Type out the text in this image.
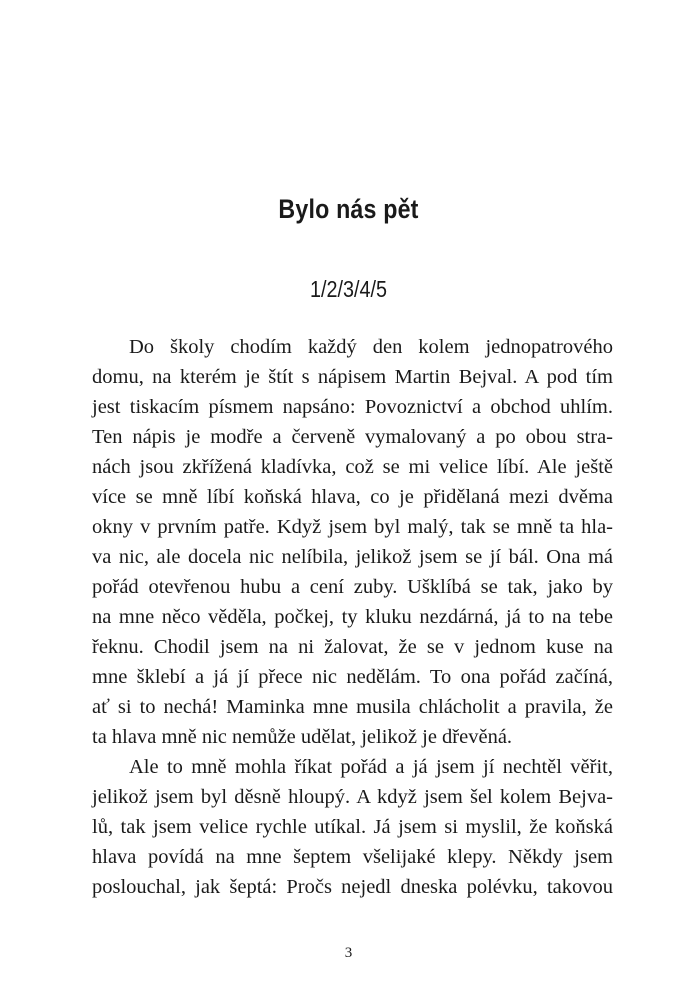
Bylo nás pět
1/2/3/4/5
Do školy chodím každý den kolem jednopatrového
domu, na kterém je štít s nápisem Martin Bejval. A pod tím
jest tiskacím písmem napsáno: Povoznictví a obchod uhlím.
Ten nápis je modře a červeně vymalovaný a po obou stra-
nách jsou zkřížená kladívka, což se mi velice líbí. Ale ještě
více se mně líbí koňská hlava, co je přidělaná mezi dvěma
okny v prvním patře. Když jsem byl malý, tak se mně ta hla-
va nic, ale docela nic nelíbila, jelikož jsem se jí bál. Ona má
pořád otevřenou hubu a cení zuby. Ušklíbá se tak, jako by
na mne něco věděla, počkej, ty kluku nezdárná, já to na tebe
řeknu. Chodil jsem na ni žalovat, že se v jednom kuse na
mne šklebí a já jí přece nic nedělám. To ona pořád začíná,
ať si to nechá! Maminka mne musila chlácholit a pravila, že
ta hlava mně nic nemůže udělat, jelikož je dřevěná.
Ale to mně mohla říkat pořád a já jsem jí nechtěl věřit,
jelikož jsem byl děsně hloupý. A když jsem šel kolem Bejva-
lů, tak jsem velice rychle utíkal. Já jsem si myslil, že koňská
hlava povídá na mne šeptem všelijaké klepy. Někdy jsem
poslouchal, jak šeptá: Pročs nejedl dneska polévku, takovou
3
